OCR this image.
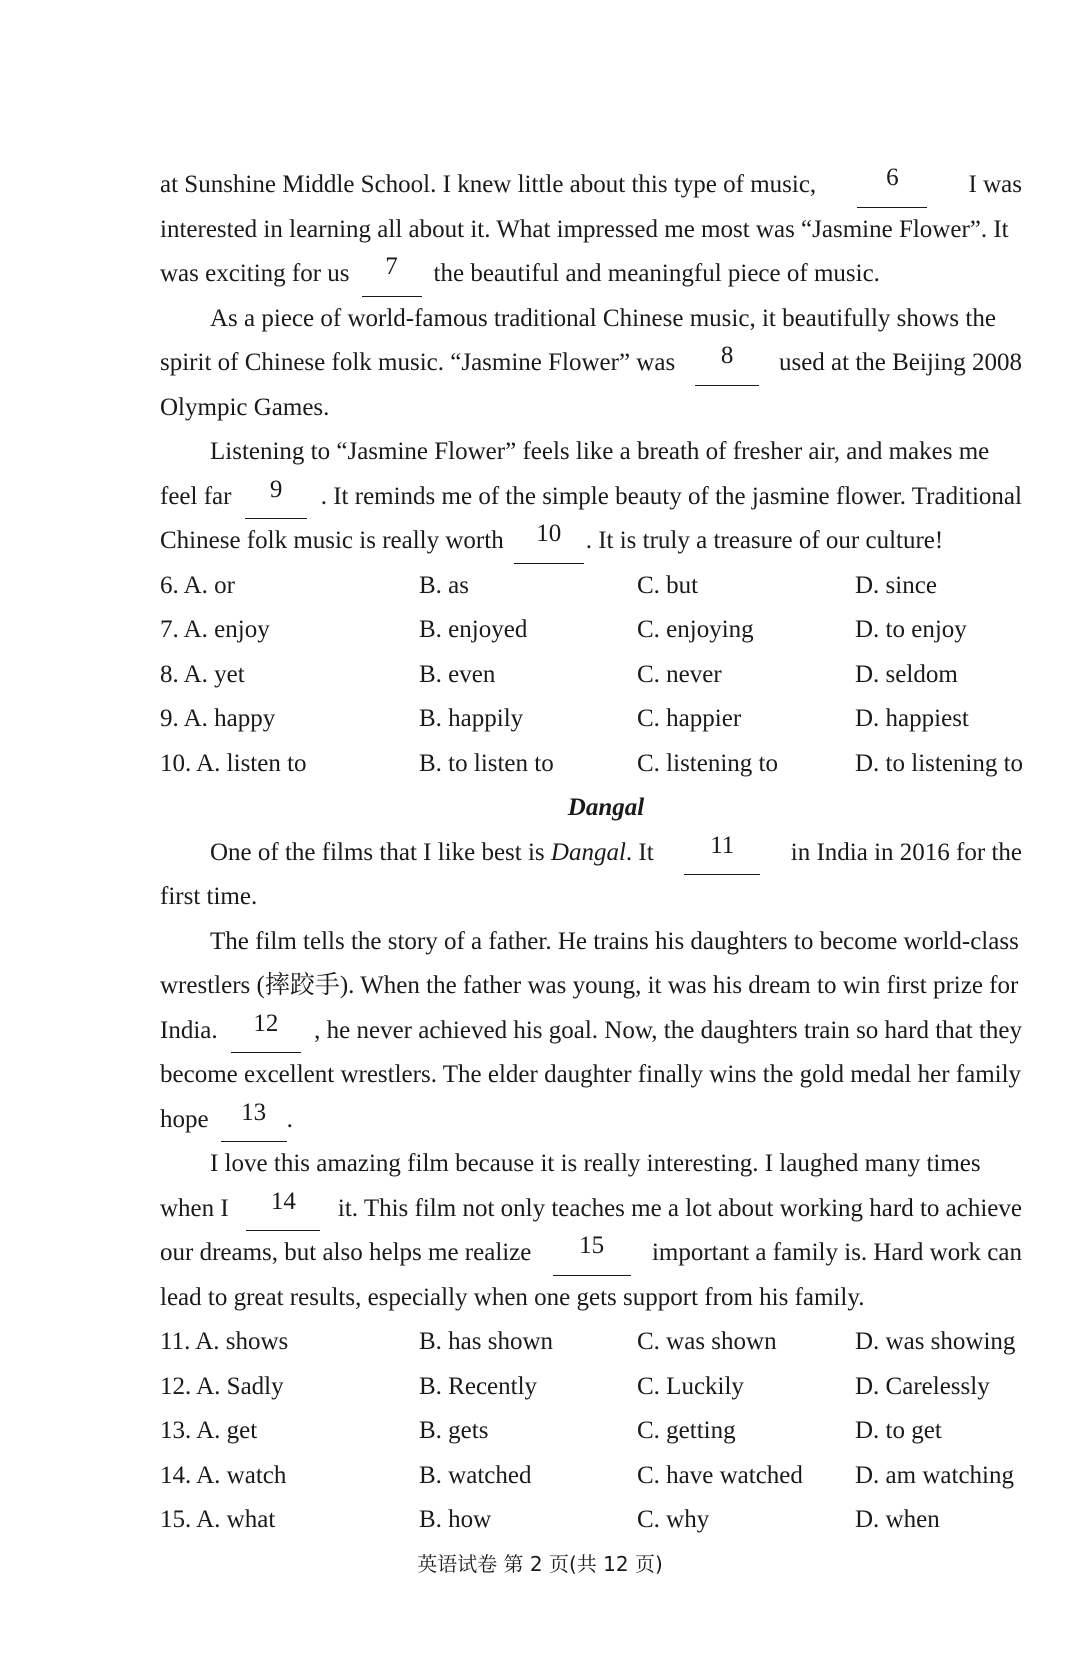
at Sunshine Middle School. I knew little about this type of music,	6	I was
interested in learning all about it. What impressed me most was “Jasmine Flower”. It
was exciting for us	7	the beautiful and meaningful piece of music.
As a piece of world-famous traditional Chinese music, it beautifully shows the
spirit of Chinese folk music. “Jasmine Flower” was	8	used at the Beijing 2008
Olympic Games.
Listening to “Jasmine Flower” feels like a breath of fresher air, and makes me
feel far	9	. It reminds me of the simple beauty of the jasmine flower. Traditional
Chinese folk music is really worth	10 . It is truly a treasure of our culture!
6. A. or	B. as	C. but	D. since
7. A. enjoy	B. enjoyed	C. enjoying	D. to enjoy
8. A. yet	B. even	C. never	D. seldom
9. A. happy	B. happily	C. happier	D. happiest
10. A. listen to	B. to listen to	C. listening to	D. to listening to
Dangal
One of the films that I like best is Dangal. It	11	in India in 2016 for the
first time.
The film tells the story of a father. He trains his daughters to become world-class
wrestlers (摔跤手). When the father was young, it was his dream to win first prize for
India.	12	, he never achieved his goal. Now, the daughters train so hard that they
become excellent wrestlers. The elder daughter finally wins the gold medal her family
hope	13 .
I love this amazing film because it is really interesting. I laughed many times
when I	14	it. This film not only teaches me a lot about working hard to achieve
our dreams, but also helps me realize	15	important a family is. Hard work can
lead to great results, especially when one gets support from his family.
11. A. shows	B. has shown	C. was shown	D. was showing
12. A. Sadly	B. Recently	C. Luckily	D. Carelessly
13. A. get	B. gets	C. getting	D. to get
14. A. watch	B. watched	C. have watched D. am watching
15. A. what	B. how	C. why	D. when
英语试卷 第 2 页(共 12 页)
